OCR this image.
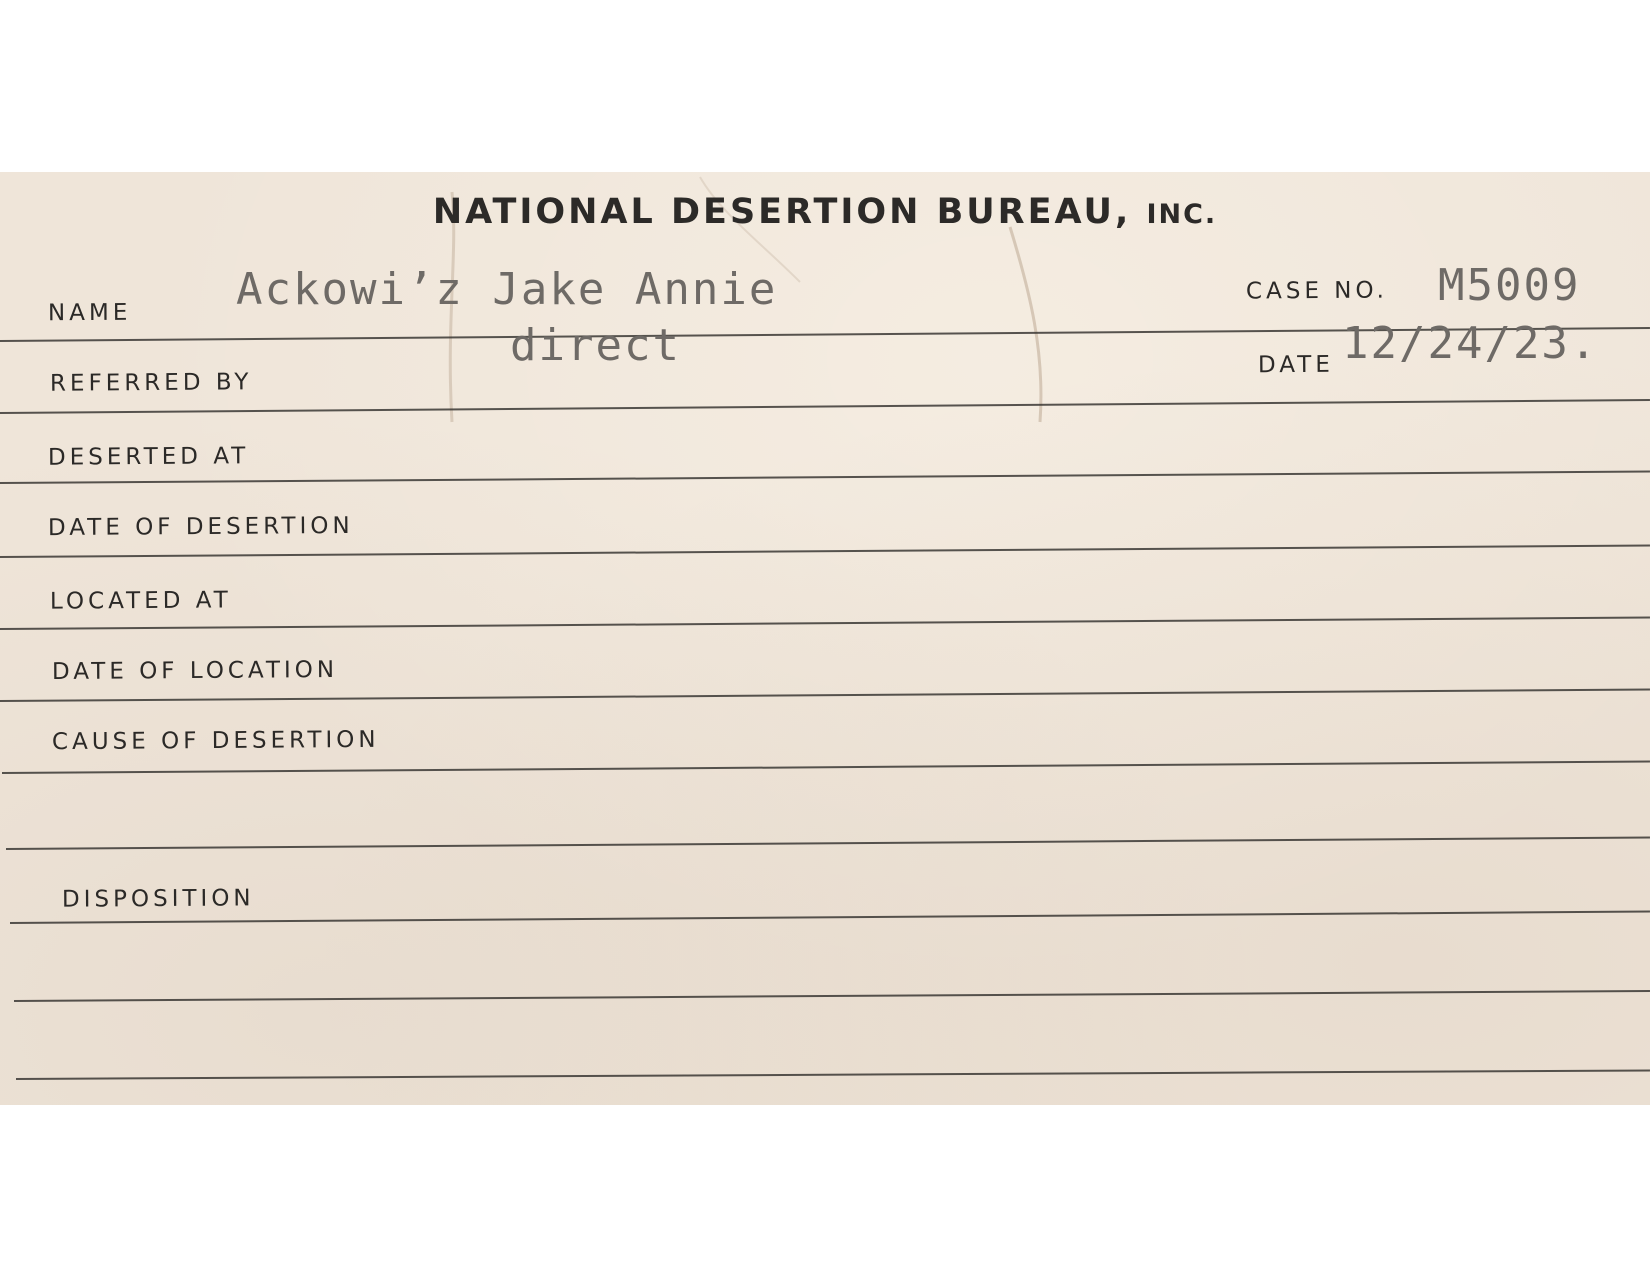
NATIONAL DESERTION BUREAU, INC.
NAME Ackowi’z Jake Annie	CASE NO. M5009
REFERRED BY
direct	DATE 12/24/23.
DESERTED AT
DATE OF DESERTION
LOCATED AT
DATE OF LOCATION
CAUSE OF DESERTION
DISPOSITION
